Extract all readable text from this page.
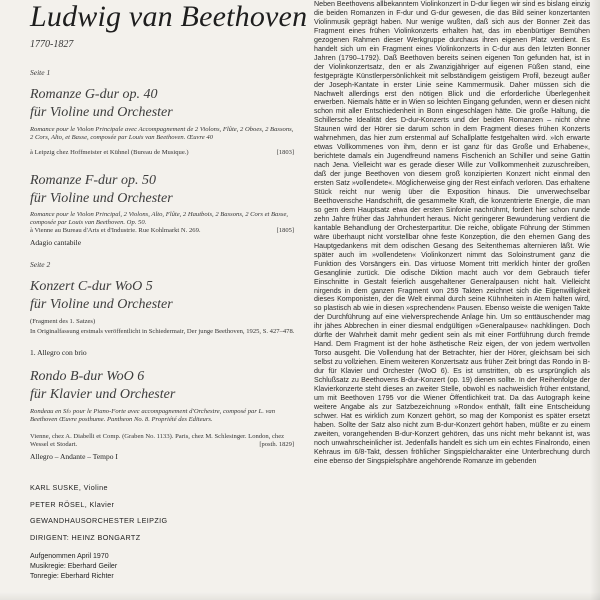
Ludwig van Beethoven
1770-1827
Seite 1
Romanze G-dur op. 40
für Violine und Orchester
Romance pour le Violon Principale avec Accompagnement de 2 Violons, Flûte, 2 Oboes, 2 Bassons, 2 Cors, Alto, et Basse, composée par Louis van Beethoven. Œuvre 40
à Leipzig chez Hoffmeister et Kühnel (Bureau de Musique.)	[1803]
Romanze F-dur op. 50
für Violine und Orchester
Romance pour le Violon Principal, 2 Violons, Alto, Flûte, 2 Hautbois, 2 Bassons, 2 Cors et Basse, composée par Louis van Beethoven. Op. 50.
à Vienne au Bureau d'Arts et d'Industrie. Rue Kohlmarkt N. 269.	[1805]
Adagio cantabile
Seite 2
Konzert C-dur WoO 5
für Violine und Orchester
(Fragment des 1. Satzes)
In Originalfassung erstmals veröffentlicht in Schiedermair, Der junge Beethoven, 1925, S. 427–478.
1. Allegro con brio
Rondo B-dur WoO 6
für Klavier und Orchester
Rondeau en Si♭ pour le Piano-Forte avec accompagnement d'Orchestre, composé par L. van Beethoven Œuvre posthume. Pantheon No. 8. Propriété des Editeurs.
Vienne, chez A. Diabelli et Comp. (Graben No. 1133). Paris, chez M. Schlesinger. London, chez Wessel et Stodart.	[posth. 1829]
Allegro – Andante – Tempo I
KARL SUSKE, Violine
PETER RÖSEL, Klavier
GEWANDHAUSORCHESTER LEIPZIG
DIRIGENT: HEINZ BONGARTZ
Aufgenommen April 1970
Musikregie: Eberhard Geiler
Tonregie: Eberhard Richter

Neben Beethovens allbekanntem Violinkonzert in D-dur liegen wir sind es bislang einzig die beiden Romanzen in F-dur und G-dur gewesen, die das Bild seiner konzertanten Violinmusik geprägt haben. Nur wenige wußten, daß sich aus der Bonner Zeit das Fragment eines frühen Violinkonzerts erhalten hat, das im ebenbürtiger Bemühen gezogenen Rahmen dieser Werkgruppe durchaus ihren eigenen Platz verdient. Es handelt sich um ein Fragment eines Violinkonzerts in C-dur aus den letzten Bonner Jahren (1790–1792). Daß Beethoven bereits seinen eigenen Ton gefunden hat, ist in der Violinkonzertsatz, den er als Zwanzigjähriger auf eigenen Füßen stand, eine festgeprägte Künstlerpersönlichkeit mit selbständigem geistigem Profil, bezeugt außer der Joseph-Kantate in erster Linie seine Kammermusik. Daher müssen sich die Nachwelt allerdings erst den nötigen Blick und die erforderliche Überlegenheit erwerben. Niemals hätte er in Wien so leichten Eingang gefunden, wenn er diesen nicht schon mit aller Entschiedenheit in Bonn eingeschlagen hätte. Die große Haltung, die Schillersche Idealität des D-dur-Konzerts und der beiden Romanzen – nicht ohne Staunen wird der Hörer sie darum schon in dem Fragment dieses frühen Konzerts wahrnehmen, das hier zum erstenmal auf Schallplatte festgehalten wird. »Ich erwarte etwas Vollkommenes von ihm, denn er ist ganz für das Große und Erhabene«, berichtete damals ein Jugendfreund namens Fischenich an Schiller und seine Gattin nach Jena. Vielleicht war es gerade dieser Wille zur Vollkommenheit zuzuschreiben, daß der junge Beethoven von diesem groß konzipierten Konzert nicht einmal den ersten Satz »vollendete«. Möglicherweise ging der Rest einfach verloren. Das erhaltene Stück reicht nur wenig über die Exposition hinaus. Die unverwechselbar Beethovensche Handschrift, die gesammelte Kraft, die konzentrierte Energie, die man so gern dem Hauptsatz etwa der ersten Sinfonie nachrühmt, fordert hier schon runde zehn Jahre früher das Jahrhundert heraus. Nicht geringerer Bewunderung verdient die kantable Behandlung der Orchesterpartitur. Die reiche, obligate Führung der Stimmen wäre überhaupt nicht vorstellbar ohne feste Konzeption, die den ehernen Gang des Hauptgedankens mit dem odischen Gesang des Seitenthemas alternieren läßt. Wie später auch im »vollendeten« Violinkonzert nimmt das Soloinstrument ganz die Funktion des Vorsängers ein. Das virtuose Moment tritt merklich hinter der großen Gesanglinie zurück. Die odische Diktion macht auch vor dem Gebrauch tiefer Einschnitte in Gestalt feierlich ausgehaltener Generalpausen nicht halt. Vielleicht nirgends in dem ganzen Fragment von 259 Takten zeichnet sich die Eigenwilligkeit dieses Komponisten, der die Welt einmal durch seine Kühnheiten in Atem halten wird, so plastisch ab wie in diesen »sprechenden« Pausen. Ebenso weiste die wenigen Takte der Durchführung auf eine vielversprechende Anlage hin. Um so enttäuschender mag ihr jähes Abbrechen in einer diesmal endgültigen »Generalpause« nachklingen. Doch dürfte der Wahrheit damit mehr gedient sein als mit einer Fortführung durch fremde Hand. Dem Fragment ist der hohe ästhetische Reiz eigen, der von jedem wertvollen Torso ausgeht. Die Vollendung hat der Betrachter, hier der Hörer, gleichsam bei sich selbst zu vollziehen. Einem weiteren Konzertsatz aus früher Zeit bringt das Rondo in B-dur für Klavier und Orchester (WoO 6). Es ist umstritten, ob es ursprünglich als Schlußsatz zu Beethovens B-dur-Konzert (op. 19) dienen sollte. In der Reihenfolge der Klavierkonzerte steht dieses an zweiter Stelle, obwohl es nachweislich früher entstand, um mit Beethoven 1795 vor die Wiener Öffentlichkeit trat. Da das Autograph keine weitere Angabe als zur Satzbezeichnung »Rondo« enthält, fällt eine Entscheidung schwer. Hat es wirklich zum Konzert gehört, so mag der Komponist es später ersetzt haben. Sollte der Satz also nicht zum B-dur-Konzert gehört haben, müßte er zu einem zweiten, vorangehenden B-dur-Konzert gehören, das uns nicht mehr bekannt ist, was noch unwahrscheinlicher ist. Jedenfalls handelt es sich um ein echtes Finalrondo, einen Kehraus im 6/8-Takt, dessen fröhlicher Singspielcharakter eine Unterbrechung durch eine ebenso der Singspielsphäre angehörende Romanze im gebenden
